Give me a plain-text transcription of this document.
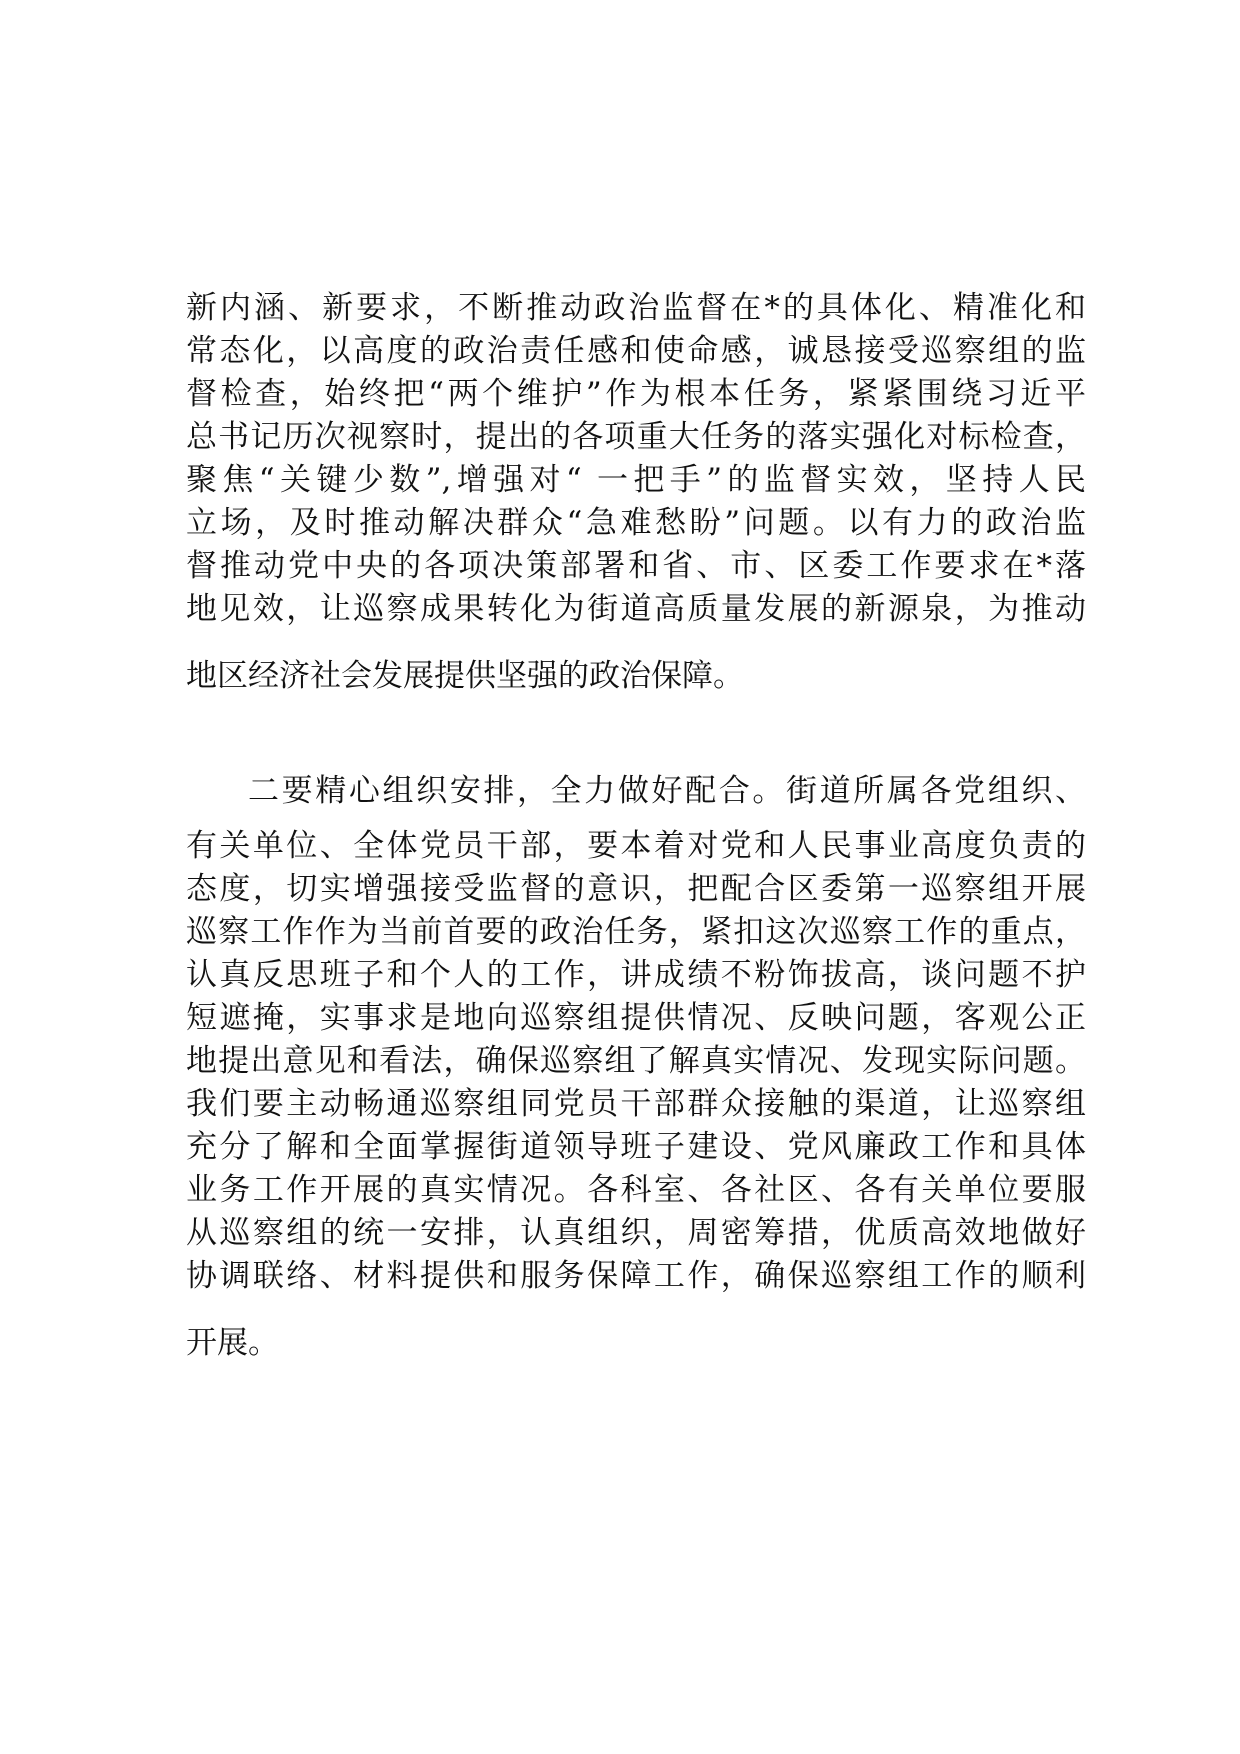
新内涵、新要求，不断推动政治监督在*的具体化、精准化和
常态化，以高度的政治责任感和使命感，诚恳接受巡察组的监
督检查，始终把“两个维护”作为根本任务，紧紧围绕习近平
总书记历次视察时，提出的各项重大任务的落实强化对标检查，
聚焦“关键少数”,增强对“ 一把手”的监督实效，坚持人民
立场，及时推动解决群众“急难愁盼”问题。以有力的政治监
督推动党中央的各项决策部署和省、市、区委工作要求在*落
地见效，让巡察成果转化为街道高质量发展的新源泉，为推动
地区经济社会发展提供坚强的政治保障。
二要精心组织安排，全力做好配合。街道所属各党组织、
有关单位、全体党员干部，要本着对党和人民事业高度负责的
态度，切实增强接受监督的意识，把配合区委第一巡察组开展
巡察工作作为当前首要的政治任务，紧扣这次巡察工作的重点，
认真反思班子和个人的工作，讲成绩不粉饰拔高，谈问题不护
短遮掩，实事求是地向巡察组提供情况、反映问题，客观公正
地提出意见和看法，确保巡察组了解真实情况、发现实际问题。
我们要主动畅通巡察组同党员干部群众接触的渠道，让巡察组
充分了解和全面掌握街道领导班子建设、党风廉政工作和具体
业务工作开展的真实情况。各科室、各社区、各有关单位要服
从巡察组的统一安排，认真组织，周密筹措，优质高效地做好
协调联络、材料提供和服务保障工作，确保巡察组工作的顺利
开展。
